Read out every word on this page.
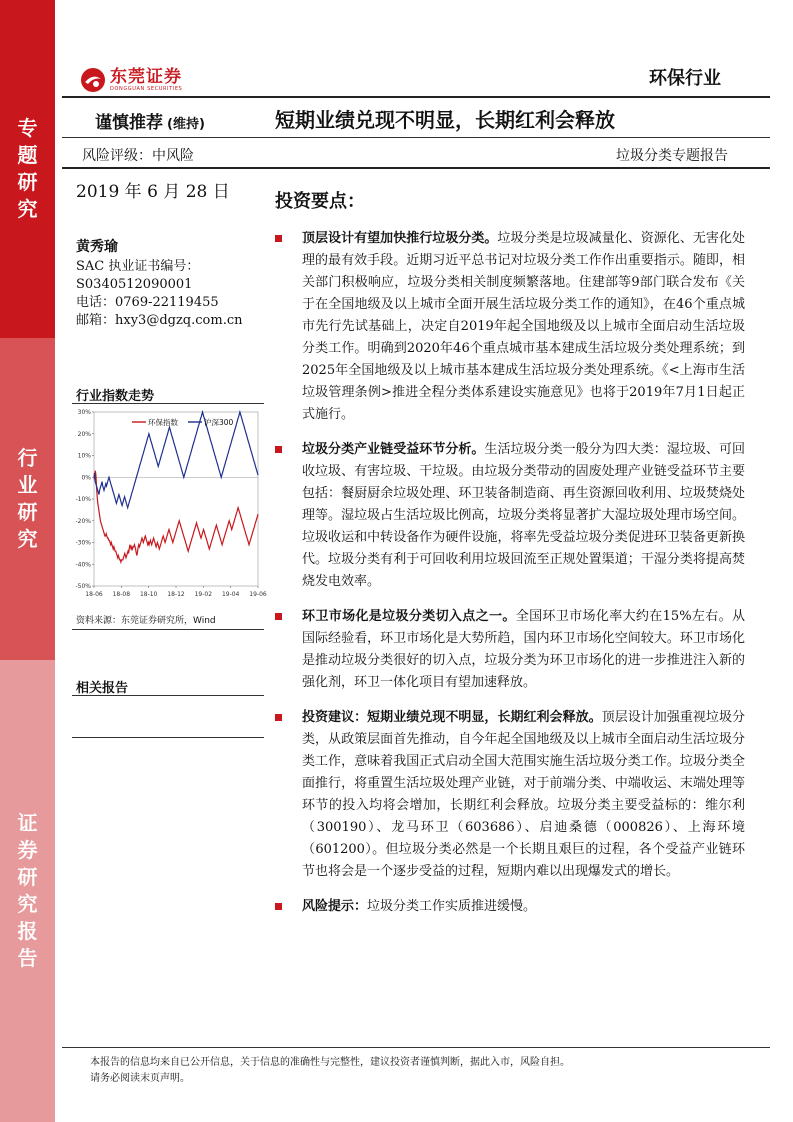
专
题
研
究
行
业
研
究
证
券
研
究
报
告
东莞证券
DONGGUAN SECURITIES	环保行业
谨慎推荐 (维持)	短期业绩兑现不明显，长期红利会释放
风险评级：中风险	垃圾分类专题报告
2019 年 6 月 28 日
黄秀瑜
SAC 执业证书编号：
S0340512090001
电话：0769-22119455
邮箱：hxy3@dgzq.com.cn
行业指数走势
30%
20%
10%
0%
-10%
-20%
-30%
-40%
-50%
18-06 18-08 18-10 18-12 19-02 19-04 19-06
环保指数	沪深300
资料来源：东莞证券研究所，Wind
相关报告
投资要点：
顶层设计有望加快推行垃圾分类。垃圾分类是垃圾减量化、资源化、无害化处理的最有效手段。近期习近平总书记对垃圾分类工作作出重要指示。随即，相关部门积极响应，垃圾分类相关制度频繁落地。住建部等9部门联合发布《关于在全国地级及以上城市全面开展生活垃圾分类工作的通知》，在46个重点城市先行先试基础上，决定自2019年起全国地级及以上城市全面启动生活垃圾分类工作。明确到2020年46个重点城市基本建成生活垃圾分类处理系统；到2025年全国地级及以上城市基本建成生活垃圾分类处理系统。《<上海市生活垃圾管理条例>推进全程分类体系建设实施意见》也将于2019年7月1日起正式施行。
垃圾分类产业链受益环节分析。生活垃圾分类一般分为四大类：湿垃圾、可回收垃圾、有害垃圾、干垃圾。由垃圾分类带动的固废处理产业链受益环节主要包括：餐厨厨余垃圾处理、环卫装备制造商、再生资源回收利用、垃圾焚烧处理等。湿垃圾占生活垃圾比例高，垃圾分类将显著扩大湿垃圾处理市场空间。垃圾收运和中转设备作为硬件设施，将率先受益垃圾分类促进环卫装备更新换代。垃圾分类有利于可回收利用垃圾回流至正规处置渠道；干湿分类将提高焚烧发电效率。
环卫市场化是垃圾分类切入点之一。全国环卫市场化率大约在15%左右。从国际经验看，环卫市场化是大势所趋，国内环卫市场化空间较大。环卫市场化是推动垃圾分类很好的切入点，垃圾分类为环卫市场化的进一步推进注入新的强化剂，环卫一体化项目有望加速释放。
投资建议：短期业绩兑现不明显，长期红利会释放。顶层设计加强重视垃圾分类，从政策层面首先推动，自今年起全国地级及以上城市全面启动生活垃圾分类工作，意味着我国正式启动全国大范围实施生活垃圾分类工作。垃圾分类全面推行，将重置生活垃圾处理产业链，对于前端分类、中端收运、末端处理等环节的投入均将会增加，长期红利会释放。垃圾分类主要受益标的：维尔利（300190）、龙马环卫（603686）、启迪桑德（000826）、上海环境（601200）。但垃圾分类必然是一个长期且艰巨的过程，各个受益产业链环节也将会是一个逐步受益的过程，短期内难以出现爆发式的增长。
风险提示：垃圾分类工作实质推进缓慢。
本报告的信息均来自已公开信息，关于信息的准确性与完整性，建议投资者谨慎判断，据此入市，风险自担。
请务必阅读末页声明。
